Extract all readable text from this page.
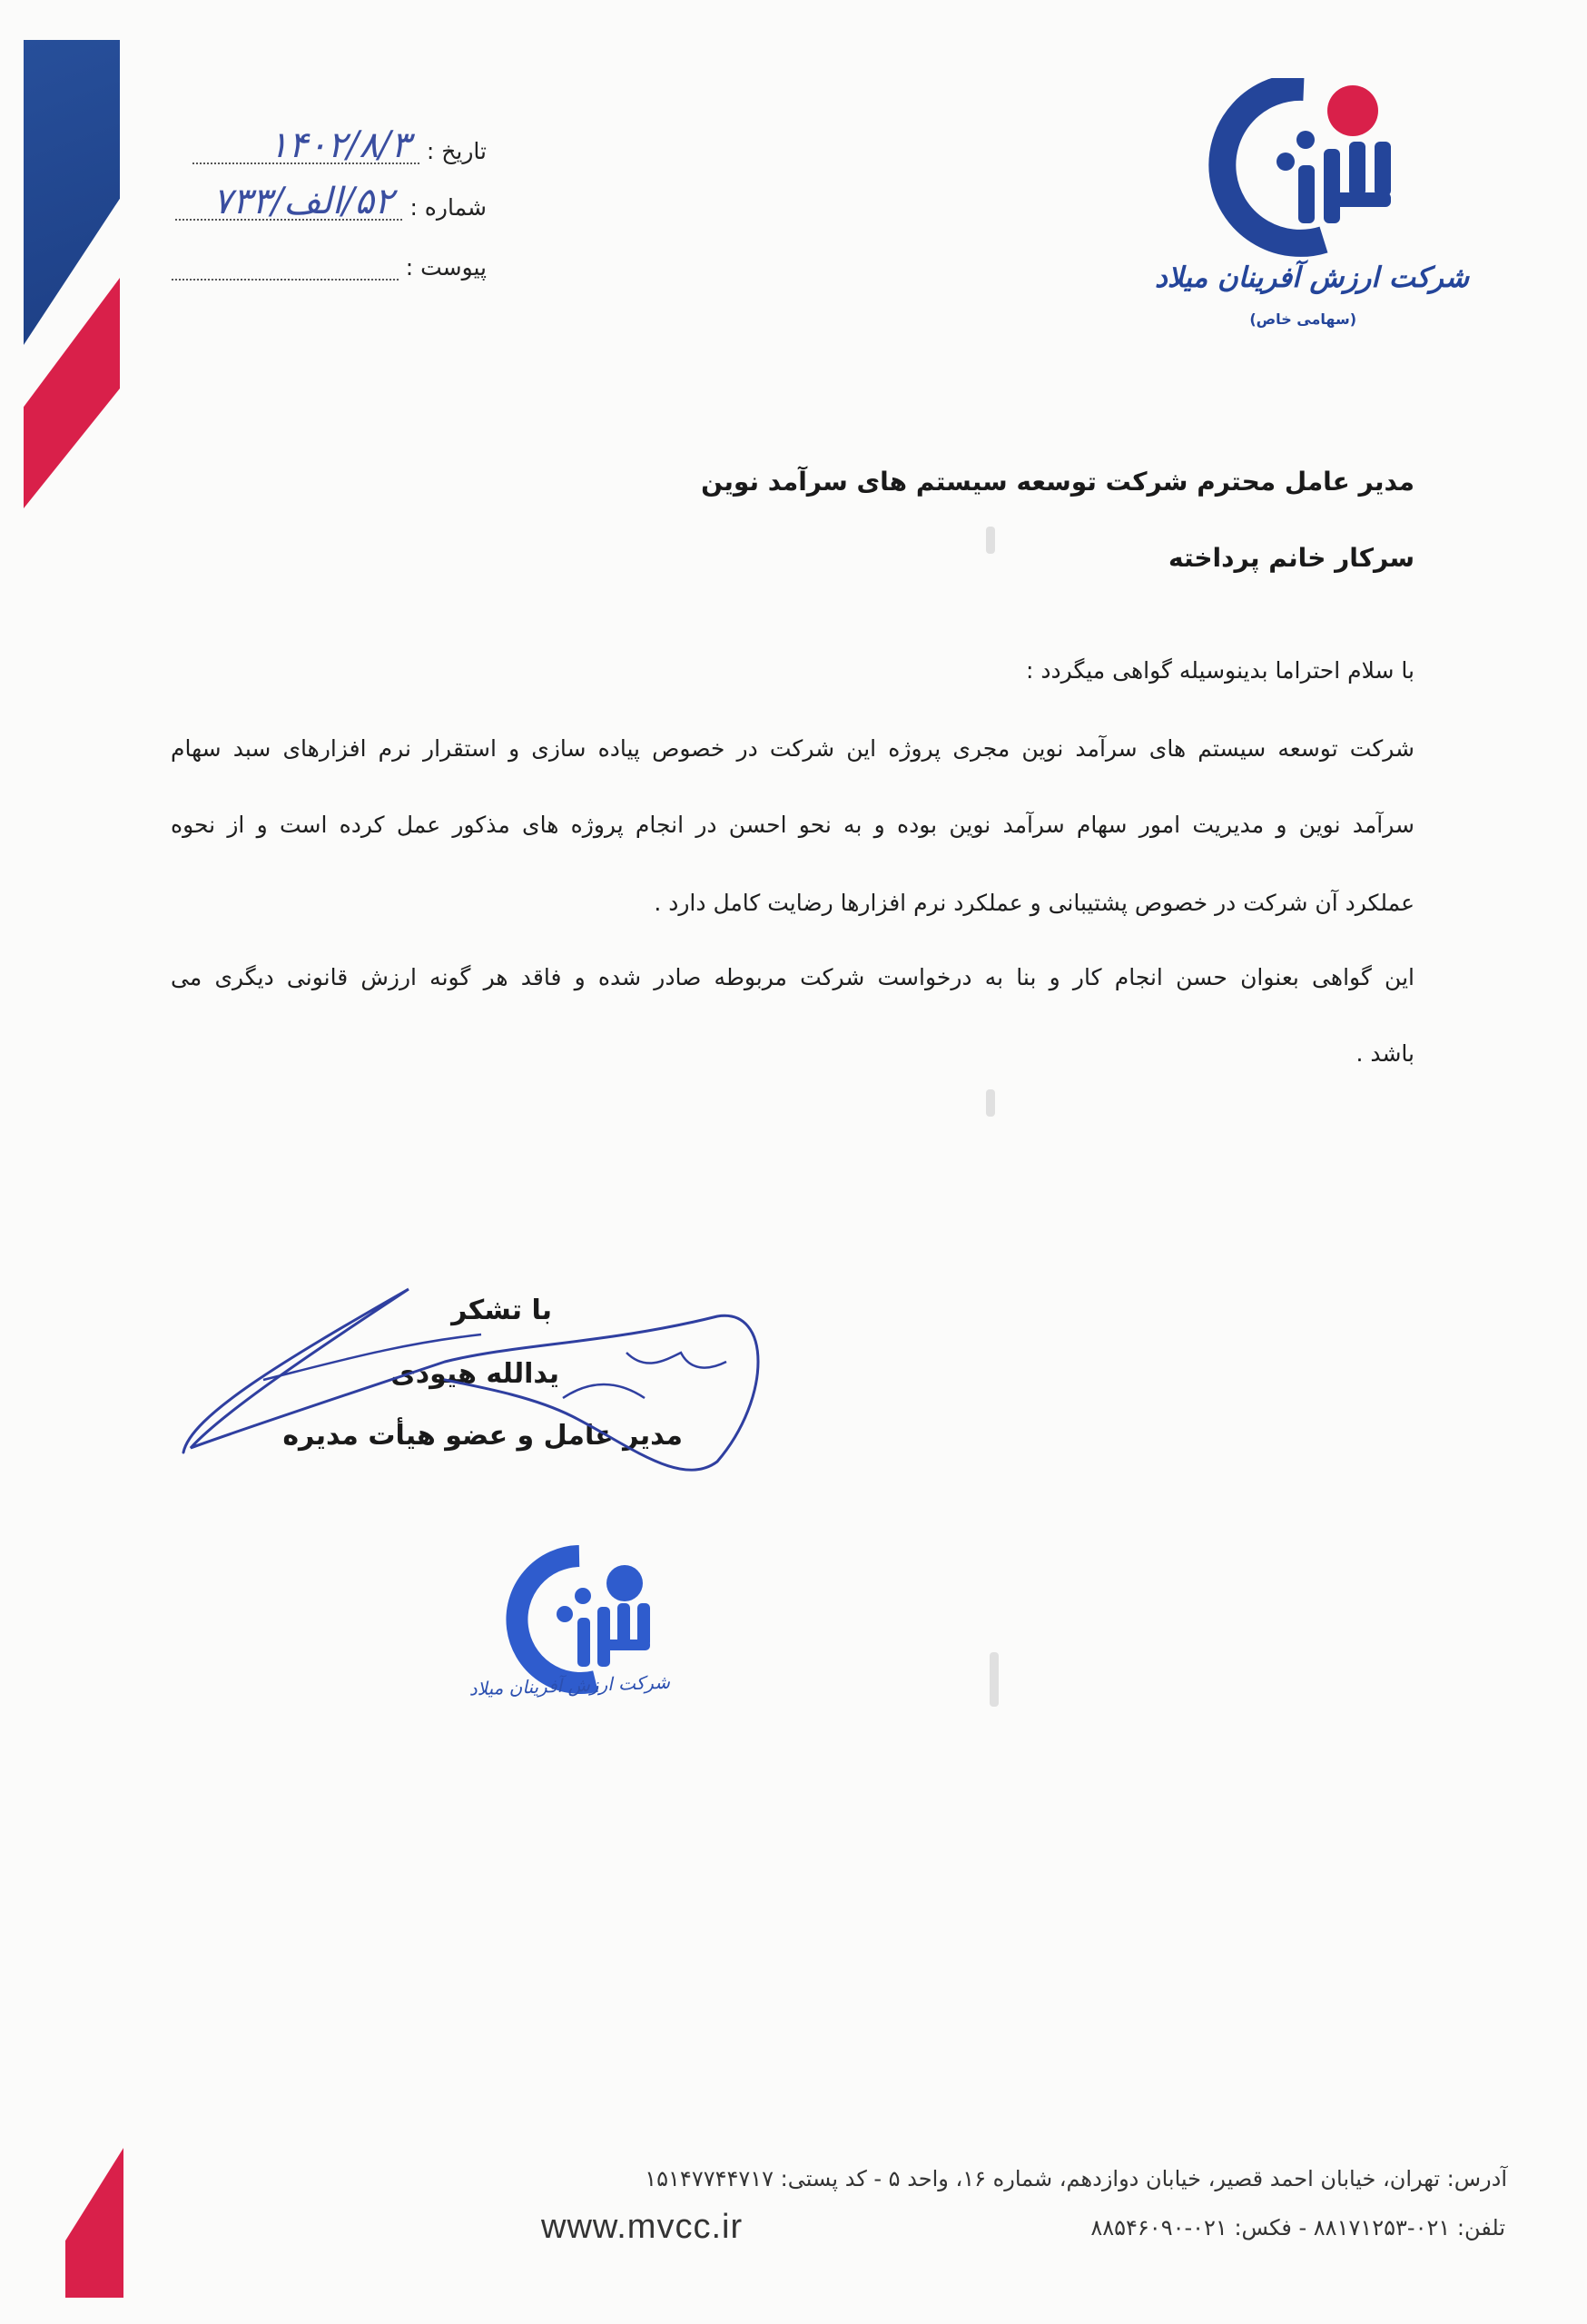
تاریخ :
۱۴۰۲/۸/۳
شماره :
۵۲/الف/۷۳۳
پیوست :	شرکت ارزش آفرینان میلاد
(سهامی خاص)
مدیر عامل محترم شرکت توسعه سیستم های سرآمد نوین
سرکار خانم پرداخته
با سلام احتراما بدینوسیله گواهی میگردد :
شرکت توسعه سیستم های سرآمد نوین مجری پروژه این شرکت در خصوص پیاده سازی و استقرار نرم افزارهای سبد سهام
سرآمد نوین و مدیریت امور سهام سرآمد نوین بوده و به نحو احسن در انجام پروژه های مذکور عمل کرده است و از نحوه
عملکرد آن شرکت در خصوص پشتیبانی و عملکرد نرم افزارها رضایت کامل دارد .
این گواهی بعنوان حسن انجام کار و بنا به درخواست شرکت مربوطه صادر شده و فاقد هر گونه ارزش قانونی دیگری می
باشد .
با تشکر
یدالله هیودی
مدیر عامل و عضو هیأت مدیره
شرکت ارزش آفرینان میلاد
آدرس: تهران، خیابان احمد قصیر، خیابان دوازدهم، شماره ۱۶، واحد ۵ - کد پستی: ۱۵۱۴۷۷۴۴۷۱۷
تلفن: ۰۲۱-۸۸۱۷۱۲۵۳ - فکس: ۰۲۱-۸۸۵۴۶۰۹۰
www.mvcc.ir
